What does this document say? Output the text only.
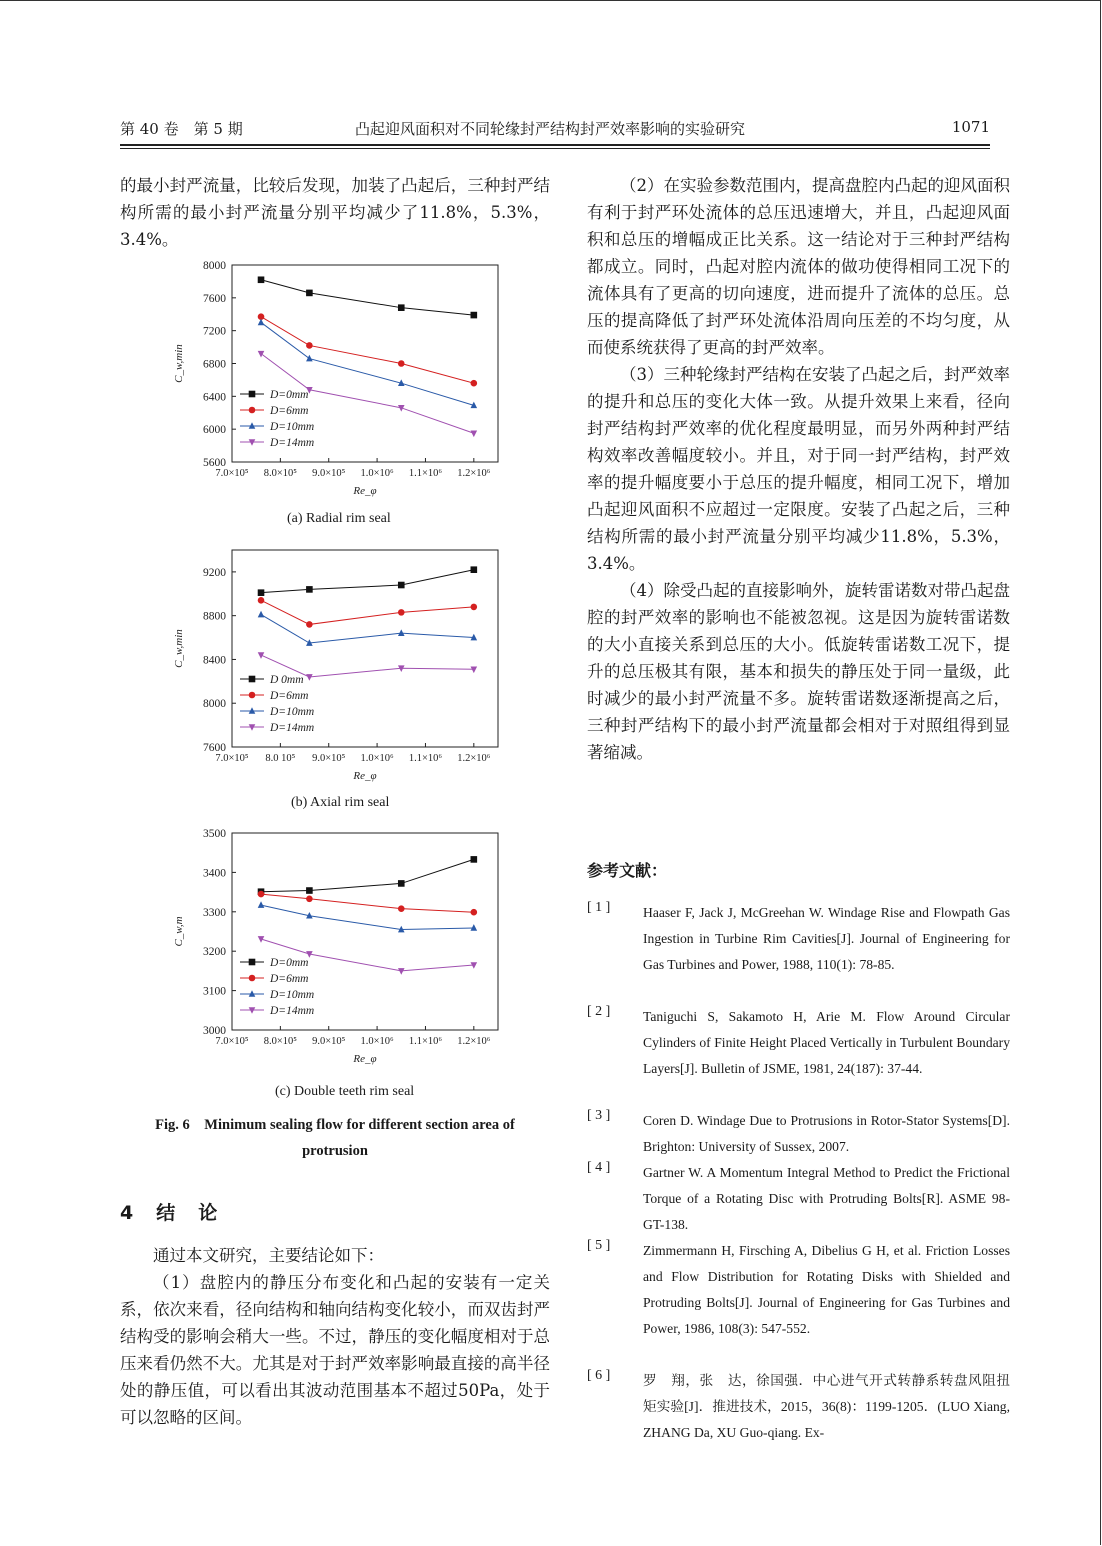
第 40 卷　第 5 期	凸起迎风面积对不同轮缘封严结构封严效率影响的实验研究	1071

的最小封严流量，比较后发现，加装了凸起后，三种封严结构所需的最小封严流量分别平均减少了11.8%，5.3%，3.4%。

5600
6000
6400
6800
7200
7600
8000
7.0×10⁵ 8.0×10⁵ 9.0×10⁵ 1.0×10⁶ 1.1×10⁶ 1.2×10⁶
Re_φ
C_w,min
D=0mm
D=6mm
D=10mm
D=14mm
(a) Radial rim seal
7600
8000
8400
8800
9200
7.0×10⁵ 8.0 10⁵ 9.0×10⁵ 1.0×10⁶ 1.1×10⁶ 1.2×10⁶
Re_φ
C_w,min
D 0mm
D=6mm
D=10mm
D=14mm
(b) Axial rim seal
3000
3100
3200
3300
3400
3500
7.0×10⁵ 8.0×10⁵ 9.0×10⁵ 1.0×10⁶ 1.1×10⁶ 1.2×10⁶
Re_φ
C_w,m
D=0mm
D=6mm
D=10mm
D=14mm
(c) Double teeth rim seal
Fig. 6　Minimum sealing flow for different section area of
protrusion
4　结　论

通过本文研究，主要结论如下：

（1）盘腔内的静压分布变化和凸起的安装有一定关系，依次来看，径向结构和轴向结构变化较小，而双齿封严结构受的影响会稍大一些。不过，静压的变化幅度相对于总压来看仍然不大。尤其是对于封严效率影响最直接的高半径处的静压值，可以看出其波动范围基本不超过50Pa，处于可以忽略的区间。

（2）在实验参数范围内，提高盘腔内凸起的迎风面积有利于封严环处流体的总压迅速增大，并且，凸起迎风面积和总压的增幅成正比关系。这一结论对于三种封严结构都成立。同时，凸起对腔内流体的做功使得相同工况下的流体具有了更高的切向速度，进而提升了流体的总压。总压的提高降低了封严环处流体沿周向压差的不均匀度，从而使系统获得了更高的封严效率。

（3）三种轮缘封严结构在安装了凸起之后，封严效率的提升和总压的变化大体一致。从提升效果上来看，径向封严结构封严效率的优化程度最明显，而另外两种封严结构效率改善幅度较小。并且，对于同一封严结构，封严效率的提升幅度要小于总压的提升幅度，相同工况下，增加凸起迎风面积不应超过一定限度。安装了凸起之后，三种结构所需的最小封严流量分别平均减少11.8%，5.3%，3.4%。

（4）除受凸起的直接影响外，旋转雷诺数对带凸起盘腔的封严效率的影响也不能被忽视。这是因为旋转雷诺数的大小直接关系到总压的大小。低旋转雷诺数工况下，提升的总压极其有限，基本和损失的静压处于同一量级，此时减少的最小封严流量不多。旋转雷诺数逐渐提高之后，三种封严结构下的最小封严流量都会相对于对照组得到显著缩减。

参考文献：
[ 1 ] Haaser F, Jack J, McGreehan W. Windage Rise and Flowpath Gas Ingestion in Turbine Rim Cavities[J]. Journal of Engineering for Gas Turbines and Power, 1988, 110(1): 78-85.
[ 2 ] Taniguchi S, Sakamoto H, Arie M. Flow Around Circular Cylinders of Finite Height Placed Vertically in Turbulent Boundary Layers[J]. Bulletin of JSME, 1981, 24(187): 37-44.
[ 3 ] Coren D. Windage Due to Protrusions in Rotor-Stator Systems[D]. Brighton: University of Sussex, 2007.
[ 4 ] Gartner W. A Momentum Integral Method to Predict the Frictional Torque of a Rotating Disc with Protruding Bolts[R]. ASME 98-GT-138.
[ 5 ] Zimmermann H, Firsching A, Dibelius G H, et al. Friction Losses and Flow Distribution for Rotating Disks with Shielded and Protruding Bolts[J]. Journal of Engineering for Gas Turbines and Power, 1986, 108(3): 547-552.
[ 6 ] 罗　翔，张　达，徐国强．中心进气开式转静系转盘风阻扭矩实验[J]．推进技术，2015，36(8)：1199-1205．(LUO Xiang, ZHANG Da, XU Guo-qiang. Ex-
